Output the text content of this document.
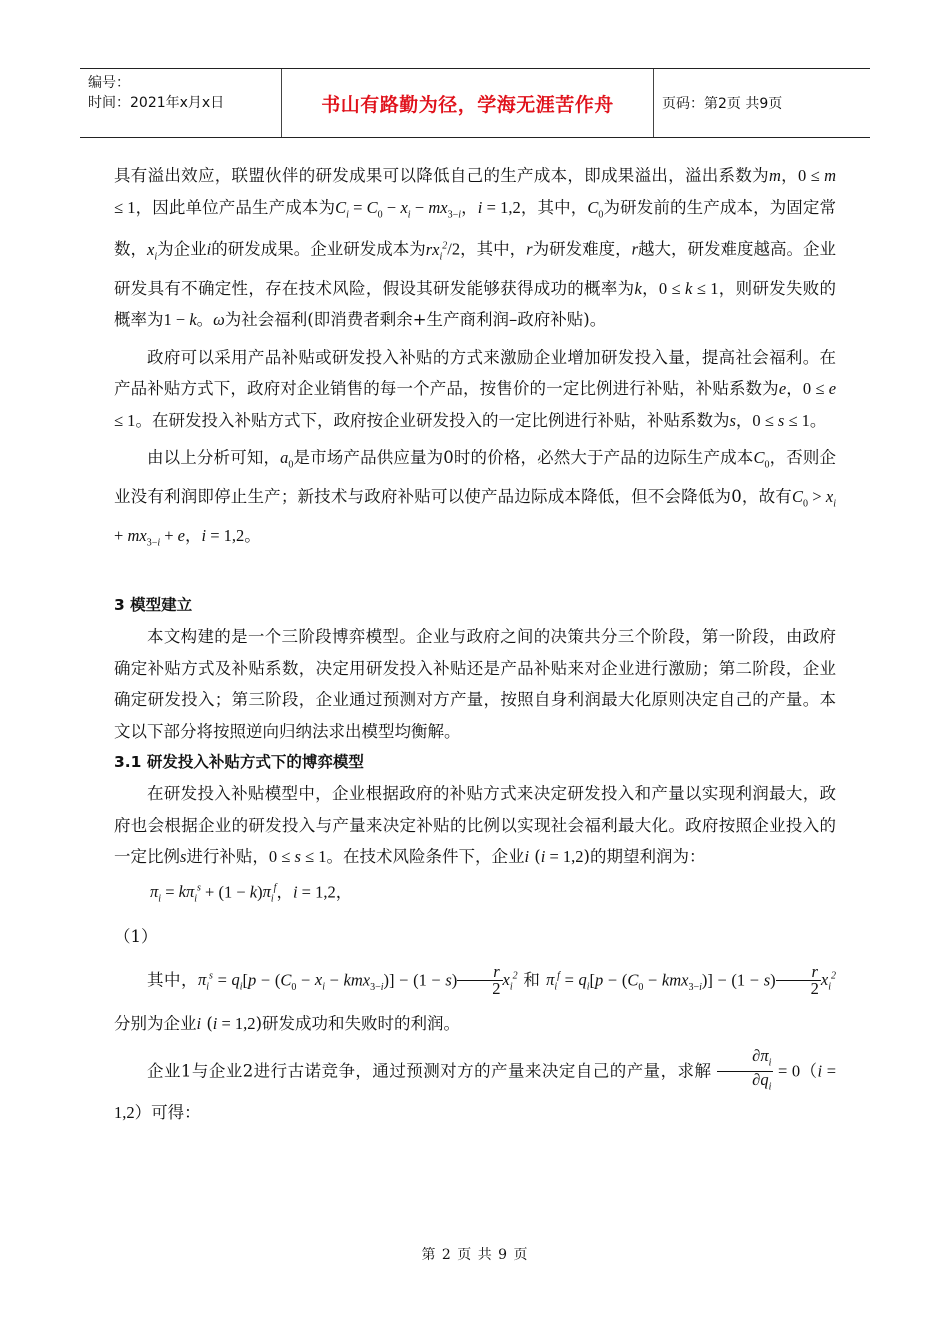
编号：
时间：2021年x月x日	书山有路勤为径，学海无涯苦作舟	页码：第2页 共9页

具有溢出效应，联盟伙伴的研发成果可以降低自己的生产成本，即成果溢出，溢出系数为m，0 ≤ m ≤ 1，因此单位产品生产成本为$C_i = C_0 - x_i - mx_{3-i}$，i = 1,2，其中，$C_0$为研发前的生产成本，为固定常数，$x_i$为企业i的研发成果。企业研发成本为$rx_i^2/2$，其中，r为研发难度，r越大，研发难度越高。企业研发具有不确定性，存在技术风险，假设其研发能够获得成功的概率为k，0 ≤ k ≤ 1，则研发失败的概率为1 − k。ω为社会福利(即消费者剩余+生产商利润–政府补贴)。

政府可以采用产品补贴或研发投入补贴的方式来激励企业增加研发投入量，提高社会福利。在产品补贴方式下，政府对企业销售的每一个产品，按售价的一定比例进行补贴，补贴系数为e，0 ≤ e ≤ 1。在研发投入补贴方式下，政府按企业研发投入的一定比例进行补贴，补贴系数为s，0 ≤ s ≤ 1。

由以上分析可知，$a_0$是市场产品供应量为0时的价格，必然大于产品的边际生产成本$C_0$，否则企业没有利润即停止生产；新技术与政府补贴可以使产品边际成本降低，但不会降低为0，故有$C_0 > x_i + mx_{3-i} + e$，i = 1,2。

3 模型建立

本文构建的是一个三阶段博弈模型。企业与政府之间的决策共分三个阶段，第一阶段，由政府确定补贴方式及补贴系数，决定用研发投入补贴还是产品补贴来对企业进行激励；第二阶段，企业确定研发投入；第三阶段，企业通过预测对方产量，按照自身利润最大化原则决定自己的产量。本文以下部分将按照逆向归纳法求出模型均衡解。

3.1 研发投入补贴方式下的博弈模型

在研发投入补贴模型中，企业根据政府的补贴方式来决定研发投入和产量以实现利润最大，政府也会根据企业的研发投入与产量来决定补贴的比例以实现社会福利最大化。政府按照企业投入的一定比例s进行补贴，0 ≤ s ≤ 1。在技术风险条件下，企业i (i = 1,2)的期望利润为：

$\pi_i = k\pi_i^s + (1 - k)\pi_i^f$，i = 1,2，

（1）

其中，$\pi_i^s = q_i[p - (C_0 - x_i - kmx_{3-i})] - (1 - s) \frac{r}{2} x_i^2$ 和 $\pi_i^f = q_i[p - (C_0 - kmx_{3-i})] - (1 - s) \frac{r}{2} x_i^2$ 分别为企业i (i = 1,2)研发成功和失败时的利润。

企业1与企业2进行古诺竞争，通过预测对方的产量来决定自己的产量，求解 $\frac{\partial\pi_i}{\partial q_i} = 0(i = 1,2)$可得：

第 2 页 共 9 页
